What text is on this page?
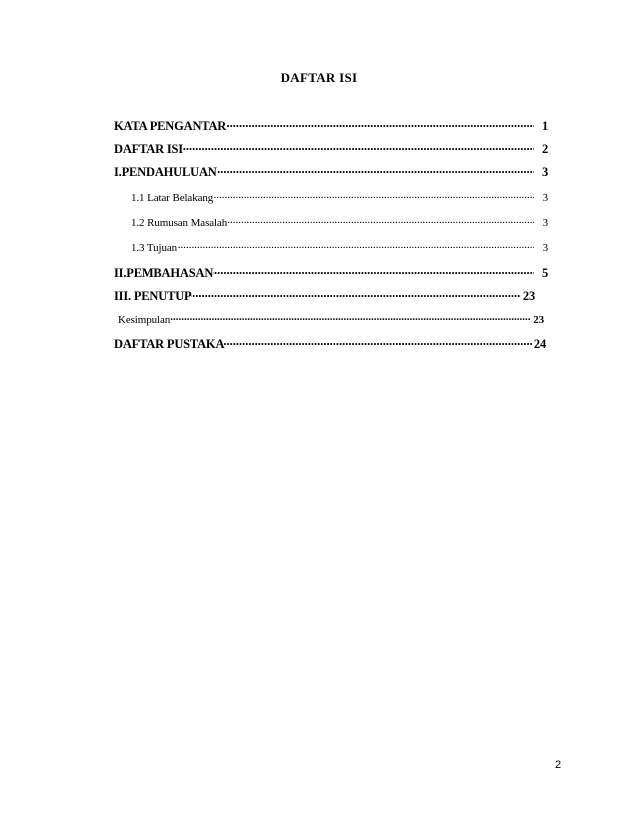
DAFTAR ISI
.....
KATA PENGANTAR	1
.....
DAFTAR ISI	2
.....
I.PENDAHULUAN	3
.....
1.1 Latar Belakang	3
.....
1.2 Rumusan Masalah	3
.....
1.3 Tujuan	3
.....
II.PEMBAHASAN	5
.....
III. PENUTUP	23
.....
Kesimpulan	23
.....
DAFTAR PUSTAKA	24
2
